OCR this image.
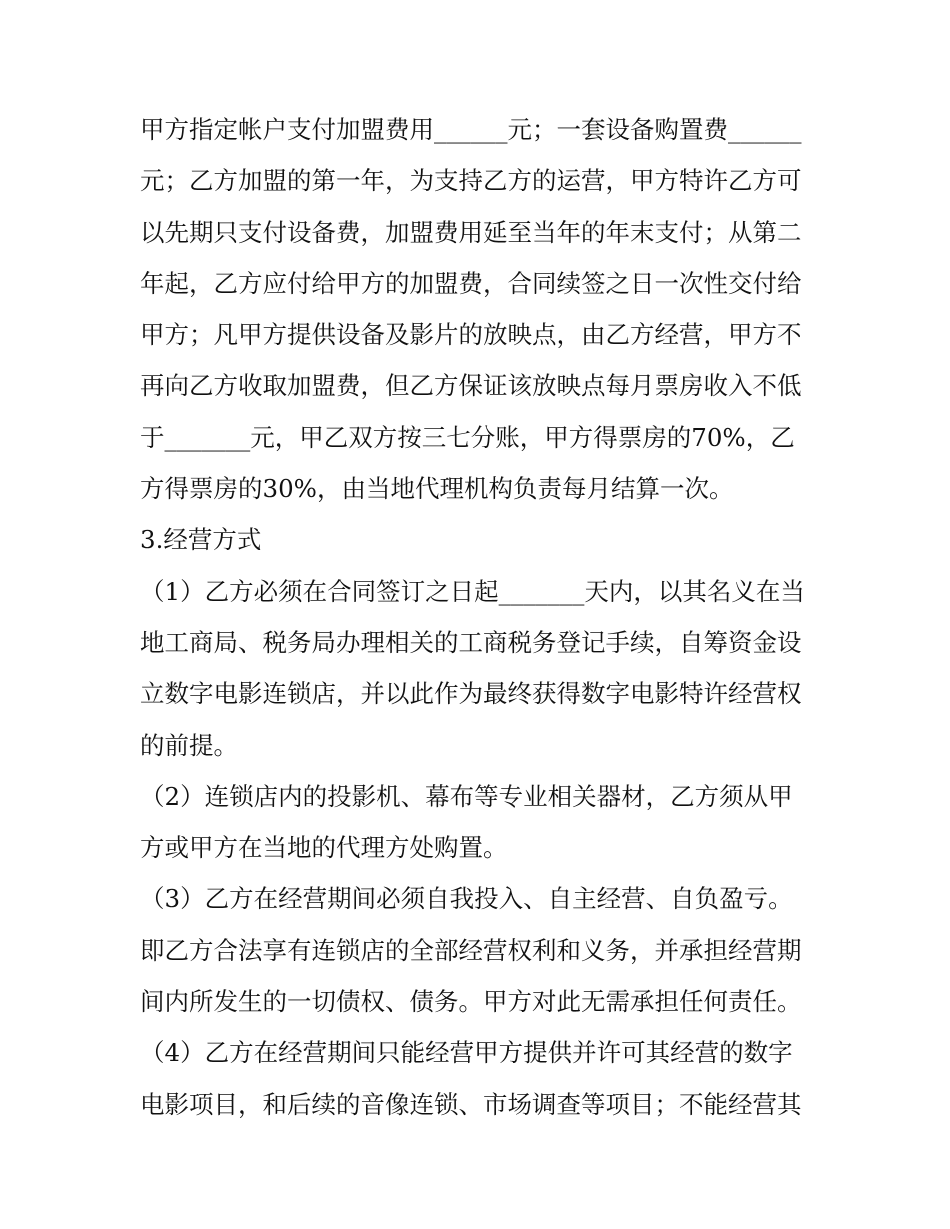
甲方指定帐户支付加盟费用______元；一套设备购置费______
元；乙方加盟的第一年，为支持乙方的运营，甲方特许乙方可
以先期只支付设备费，加盟费用延至当年的年末支付；从第二
年起，乙方应付给甲方的加盟费，合同续签之日一次性交付给
甲方；凡甲方提供设备及影片的放映点，由乙方经营，甲方不
再向乙方收取加盟费，但乙方保证该放映点每月票房收入不低
于_______元，甲乙双方按三七分账，甲方得票房的70%，乙
方得票房的30%，由当地代理机构负责每月结算一次。
3.经营方式
（1）乙方必须在合同签订之日起_______天内，以其名义在当
地工商局、税务局办理相关的工商税务登记手续，自筹资金设
立数字电影连锁店，并以此作为最终获得数字电影特许经营权
的前提。
（2）连锁店内的投影机、幕布等专业相关器材，乙方须从甲
方或甲方在当地的代理方处购置。
（3）乙方在经营期间必须自我投入、自主经营、自负盈亏。
即乙方合法享有连锁店的全部经营权利和义务，并承担经营期
间内所发生的一切债权、债务。甲方对此无需承担任何责任。
（4）乙方在经营期间只能经营甲方提供并许可其经营的数字
电影项目，和后续的音像连锁、市场调查等项目；不能经营其
